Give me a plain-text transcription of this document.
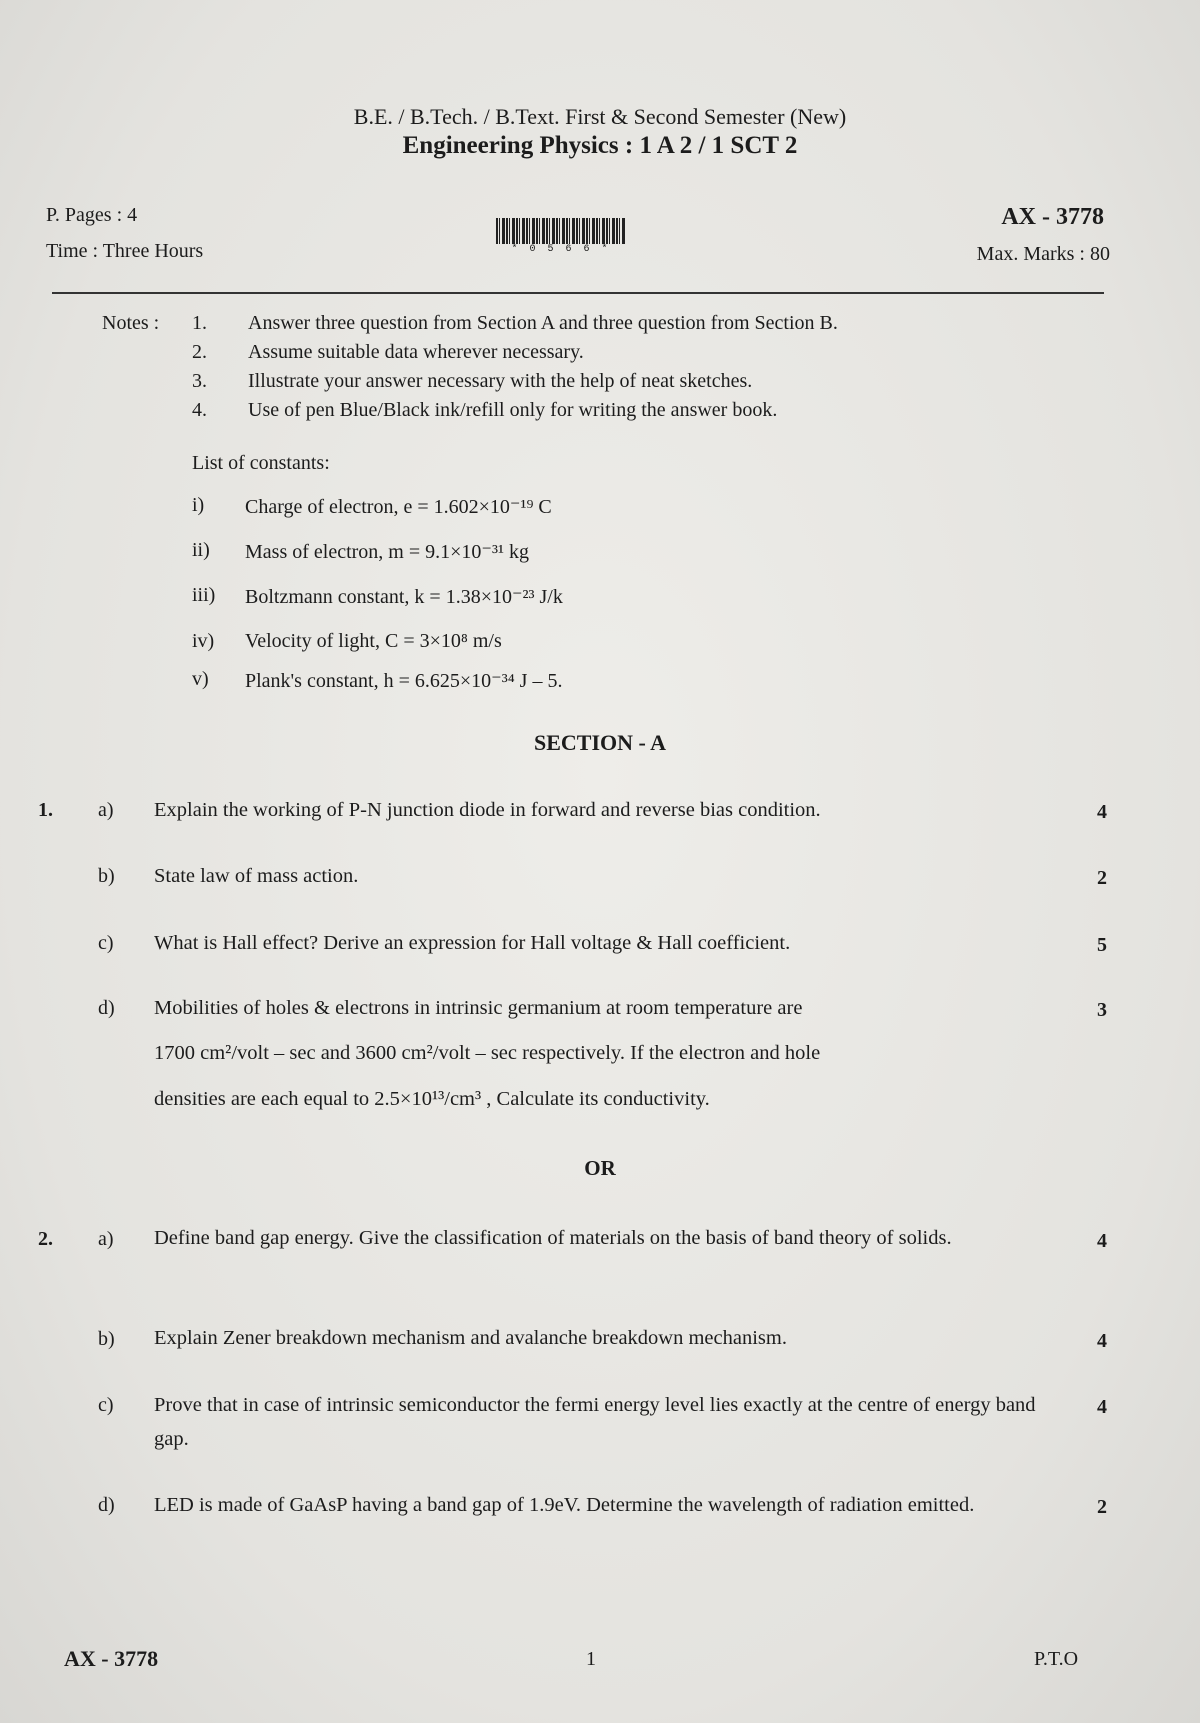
B.E. / B.Tech. / B.Text. First & Second Semester (New)
Engineering Physics : 1 A 2 / 1 SCT 2
P. Pages : 4
Time : Three Hours
AX - 3778
Max. Marks : 80
* 0 5 6 6 *
Notes : 1. Answer three question from Section A and three question from Section B.
2. Assume suitable data wherever necessary.
3. Illustrate your answer necessary with the help of neat sketches.
4. Use of pen Blue/Black ink/refill only for writing the answer book.
List of constants:
i) Charge of electron, e = 1.602×10⁻¹⁹ C
ii) Mass of electron, m = 9.1×10⁻³¹ kg
iii) Boltzmann constant, k = 1.38×10⁻²³ J/k
iv) Velocity of light, C = 3×10⁸ m/s
v) Plank's constant, h = 6.625×10⁻³⁴ J – 5.
SECTION - A
1. a) Explain the working of P-N junction diode in forward and reverse bias condition.	4
b) State law of mass action.	2
c) What is Hall effect? Derive an expression for Hall voltage & Hall coefficient.	5
d) Mobilities of holes & electrons in intrinsic germanium at room temperature are
1700 cm²/volt – sec and 3600 cm²/volt – sec respectively. If the electron and hole
densities are each equal to 2.5×10¹³/cm³ , Calculate its conductivity.
3
OR
2. a) Define band gap energy. Give the classification of materials on the basis of band theory of solids.	4
b) Explain Zener breakdown mechanism and avalanche breakdown mechanism.	4
c) Prove that in case of intrinsic semiconductor the fermi energy level lies exactly at the centre of energy band gap.
4
d) LED is made of GaAsP having a band gap of 1.9eV. Determine the wavelength of radiation emitted.	2
AX - 3778	1	P.T.O
